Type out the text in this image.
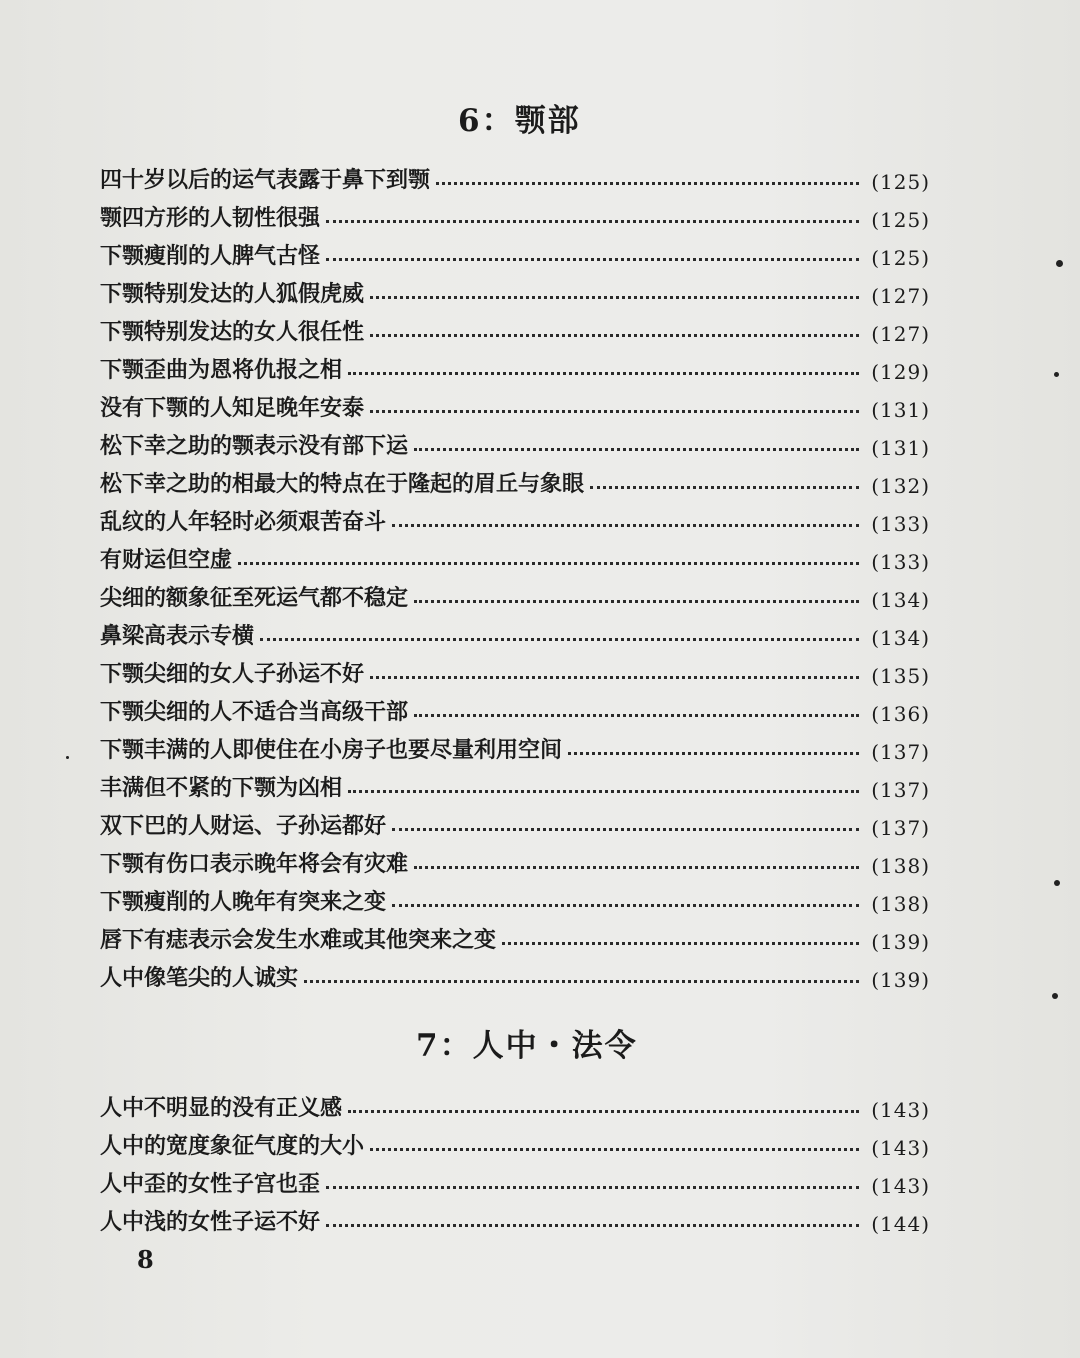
6：颚部
四十岁以后的运气表露于鼻下到颚	(125)
颚四方形的人韧性很强	(125)
下颚瘦削的人脾气古怪	(125)
下颚特别发达的人狐假虎威	(127)
下颚特别发达的女人很任性	(127)
下颚歪曲为恩将仇报之相	(129)
没有下颚的人知足晚年安泰	(131)
松下幸之助的颚表示没有部下运	(131)
松下幸之助的相最大的特点在于隆起的眉丘与象眼	(132)
乱纹的人年轻时必须艰苦奋斗	(133)
有财运但空虚	(133)
尖细的额象征至死运气都不稳定	(134)
鼻梁高表示专横	(134)
下颚尖细的女人子孙运不好	(135)
下颚尖细的人不适合当高级干部	(136)
下颚丰满的人即使住在小房子也要尽量利用空间	(137)
丰满但不紧的下颚为凶相	(137)
双下巴的人财运、子孙运都好	(137)
下颚有伤口表示晚年将会有灾难	(138)
下颚瘦削的人晚年有突来之变	(138)
唇下有痣表示会发生水难或其他突来之变	(139)
人中像笔尖的人诚实	(139)
7：人中・法令
人中不明显的没有正义感	(143)
人中的宽度象征气度的大小	(143)
人中歪的女性子宫也歪	(143)
人中浅的女性子运不好	(144)
8
